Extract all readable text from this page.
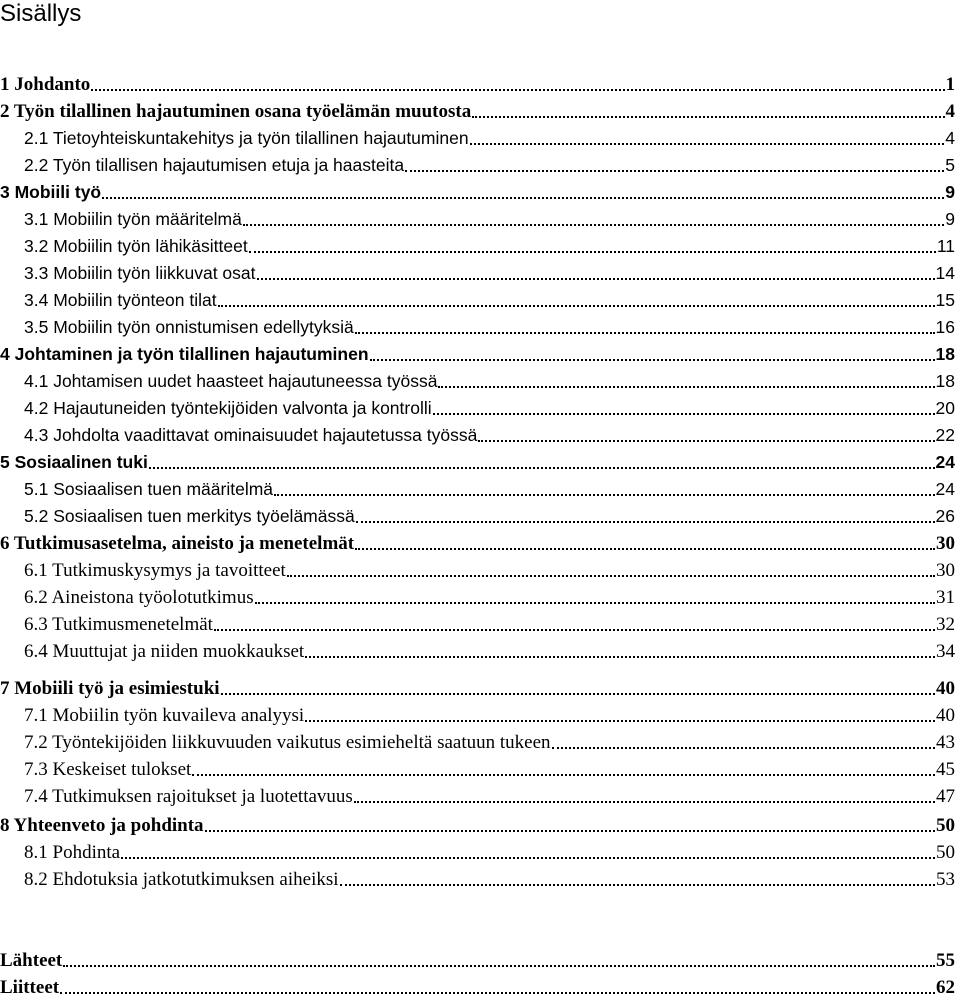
Sisällys
1 Johdanto	1
2 Työn tilallinen hajautuminen osana työelämän muutosta	4
2.1 Tietoyhteiskuntakehitys ja työn tilallinen hajautuminen	4
2.2 Työn tilallisen hajautumisen etuja ja haasteita	5
3 Mobiili työ	9
3.1 Mobiilin työn määritelmä	9
3.2 Mobiilin työn lähikäsitteet	11
3.3 Mobiilin työn liikkuvat osat	14
3.4 Mobiilin työnteon tilat	15
3.5 Mobiilin työn onnistumisen edellytyksiä	16
4 Johtaminen ja työn tilallinen hajautuminen	18
4.1 Johtamisen uudet haasteet hajautuneessa työssä	18
4.2 Hajautuneiden työntekijöiden valvonta ja kontrolli	20
4.3 Johdolta vaadittavat ominaisuudet hajautetussa työssä	22
5 Sosiaalinen tuki	24
5.1 Sosiaalisen tuen määritelmä	24
5.2 Sosiaalisen tuen merkitys työelämässä	26
6 Tutkimusasetelma, aineisto ja menetelmät	30
6.1 Tutkimuskysymys ja tavoitteet	30
6.2 Aineistona työolotutkimus	31
6.3 Tutkimusmenetelmät	32
6.4 Muuttujat ja niiden muokkaukset	34
7 Mobiili työ ja esimiestuki	40
7.1 Mobiilin työn kuvaileva analyysi	40
7.2 Työntekijöiden liikkuvuuden vaikutus esimieheltä saatuun tukeen	43
7.3 Keskeiset tulokset	45
7.4 Tutkimuksen rajoitukset ja luotettavuus	47
8 Yhteenveto ja pohdinta	50
8.1 Pohdinta	50
8.2 Ehdotuksia jatkotutkimuksen aiheiksi	53
Lähteet	55
Liitteet	62
